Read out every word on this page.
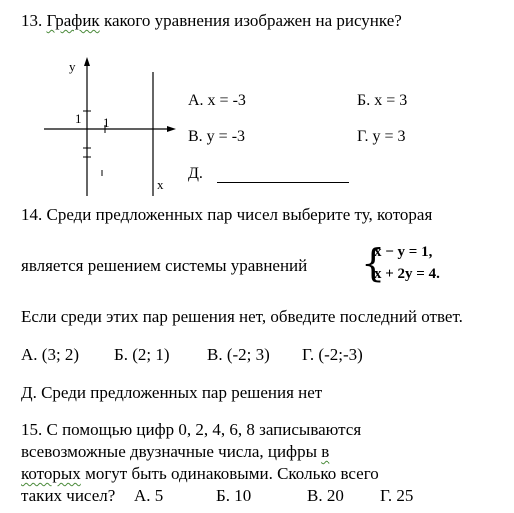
13. График какого уравнения изображен на рисунке?
y
x
1 1
А. x = -3	Б. x = 3
В. y = -3	Г. y = 3
Д.
14. Среди предложенных пар чисел выберите ту, которая
является решением системы уравнений {
x − y = 1,
x + 2y = 4.
Если среди этих пар решения нет, обведите последний ответ.
А. (3; 2) Б. (2; 1) В. (-2; 3) Г. (-2;-3)
Д. Среди предложенных пар решения нет
15. С помощью цифр 0, 2, 4, 6, 8 записываются
всевозможные двузначные числа, цифры в
которых могут быть одинаковыми. Сколько всего
таких чисел? А. 5	Б. 10	В. 20 Г. 25
